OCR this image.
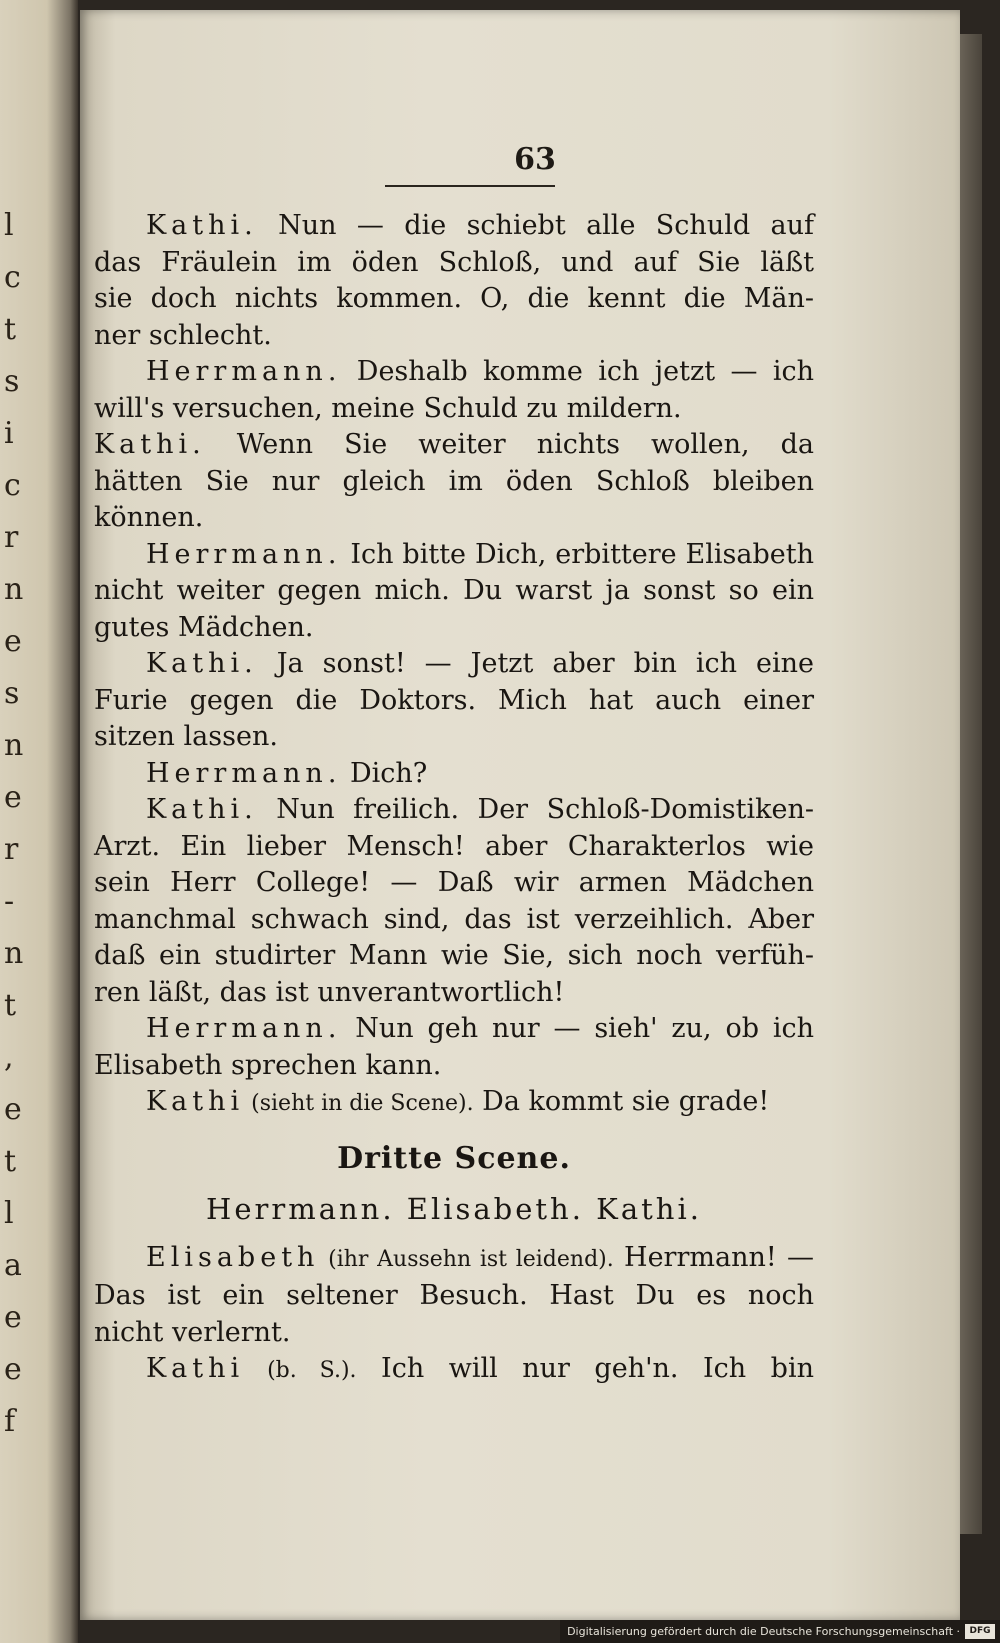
l
c
t
s
i
c
r
n
e
s
n
e
r
-
n
t
,
e
t
l
a
e
e
f
63
Kathi. Nun — die schiebt alle Schuld auf
das Fräulein im öden Schloß, und auf Sie läßt
sie doch nichts kommen. O, die kennt die Män-
ner schlecht.
Herrmann. Deshalb komme ich jetzt — ich
will's versuchen, meine Schuld zu mildern.
Kathi. Wenn Sie weiter nichts wollen, da
hätten Sie nur gleich im öden Schloß bleiben
können.
Herrmann. Ich bitte Dich, erbittere Elisabeth
nicht weiter gegen mich. Du warst ja sonst so ein
gutes Mädchen.
Kathi. Ja sonst! — Jetzt aber bin ich eine
Furie gegen die Doktors. Mich hat auch einer
sitzen lassen.
Herrmann. Dich?
Kathi. Nun freilich. Der Schloß-Domistiken-
Arzt. Ein lieber Mensch! aber Charakterlos wie
sein Herr College! — Daß wir armen Mädchen
manchmal schwach sind, das ist verzeihlich. Aber
daß ein studirter Mann wie Sie, sich noch verfüh-
ren läßt, das ist unverantwortlich!
Herrmann. Nun geh nur — sieh' zu, ob ich
Elisabeth sprechen kann.
Kathi (sieht in die Scene). Da kommt sie grade!
Dritte Scene.
Herrmann. Elisabeth. Kathi.
Elisabeth (ihr Aussehn ist leidend). Herrmann! —
Das ist ein seltener Besuch. Hast Du es noch
nicht verlernt.
Kathi (b. S.). Ich will nur geh'n. Ich bin
Digitalisierung gefördert durch die Deutsche Forschungsgemeinschaft ·	DFG
